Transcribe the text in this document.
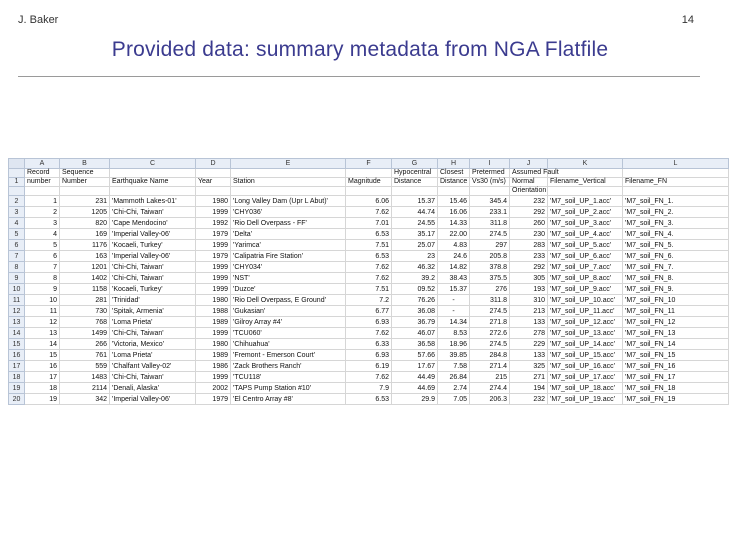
J. Baker	14
Provided data: summary metadata from NGA Flatfile
	A	B	C	D	E	F	G	H	I	J	K	L
	Record	Sequence					Hypocentral	Closest	Pretermed	Assumed Fault		
1	number	Number	Earthquake Name	Year	Station	Magnitude	Distance	Distance	Vs30 (m/s)	Normal	Filename_Vertical	Filename_FN
										Orientation		
2	1	231	'Mammoth Lakes-01'	1980	'Long Valley Dam (Upr L Abut)'	6.06	15.37	15.46	345.4	232	'M7_soil_UP_1.acc'	'M7_soil_FN_1.
3	2	1205	'Chi-Chi, Taiwan'	1999	'CHY036'	7.62	44.74	16.06	233.1	292	'M7_soil_UP_2.acc'	'M7_soil_FN_2.
4	3	820	'Cape Mendocino'	1992	'Rio Dell Overpass - FF'	7.01	24.55	14.33	311.8	260	'M7_soil_UP_3.acc'	'M7_soil_FN_3.
5	4	169	'Imperial Valley-06'	1979	'Delta'	6.53	35.17	22.00	274.5	230	'M7_soil_UP_4.acc'	'M7_soil_FN_4.
6	5	1176	'Kocaeli, Turkey'	1999	'Yarimca'	7.51	25.07	4.83	297	283	'M7_soil_UP_5.acc'	'M7_soil_FN_5.
7	6	163	'Imperial Valley-06'	1979	'Calipatria Fire Station'	6.53	23	24.6	205.8	233	'M7_soil_UP_6.acc'	'M7_soil_FN_6.
8	7	1201	'Chi-Chi, Taiwan'	1999	'CHY034'	7.62	46.32	14.82	378.8	292	'M7_soil_UP_7.acc'	'M7_soil_FN_7.
9	8	1402	'Chi-Chi, Taiwan'	1999	'NST'	7.62	39.2	38.43	375.5	305	'M7_soil_UP_8.acc'	'M7_soil_FN_8.
10	9	1158	'Kocaeli, Turkey'	1999	'Duzce'	7.51	09.52	15.37	276	193	'M7_soil_UP_9.acc'	'M7_soil_FN_9.
11	10	281	'Trinidad'	1980	'Rio Dell Overpass, E Ground'	7.2	76.26	-	311.8	310	'M7_soil_UP_10.acc'	'M7_soil_FN_10
12	11	730	'Spitak, Armenia'	1988	'Gukasian'	6.77	36.08	-	274.5	213	'M7_soil_UP_11.acc'	'M7_soil_FN_11
13	12	768	'Loma Prieta'	1989	'Gilroy Array #4'	6.93	36.79	14.34	271.8	133	'M7_soil_UP_12.acc'	'M7_soil_FN_12
14	13	1499	'Chi-Chi, Taiwan'	1999	'TCU060'	7.62	46.07	8.53	272.6	278	'M7_soil_UP_13.acc'	'M7_soil_FN_13
15	14	266	'Victoria, Mexico'	1980	'Chihuahua'	6.33	36.58	18.96	274.5	229	'M7_soil_UP_14.acc'	'M7_soil_FN_14
16	15	761	'Loma Prieta'	1989	'Fremont - Emerson Court'	6.93	57.66	39.85	284.8	133	'M7_soil_UP_15.acc'	'M7_soil_FN_15
17	16	559	'Chalfant Valley-02'	1986	'Zack Brothers Ranch'	6.19	17.67	7.58	271.4	325	'M7_soil_UP_16.acc'	'M7_soil_FN_16
18	17	1483	'Chi-Chi, Taiwan'	1999	'TCU118'	7.62	44.49	26.84	215	271	'M7_soil_UP_17.acc'	'M7_soil_FN_17
19	18	2114	'Denali, Alaska'	2002	'TAPS Pump Station #10'	7.9	44.69	2.74	274.4	194	'M7_soil_UP_18.acc'	'M7_soil_FN_18
20	19	342	'Imperial Valley-06'	1979	'El Centro Array #8'	6.53	29.9	7.05	206.3	232	'M7_soil_UP_19.acc'	'M7_soil_FN_19
